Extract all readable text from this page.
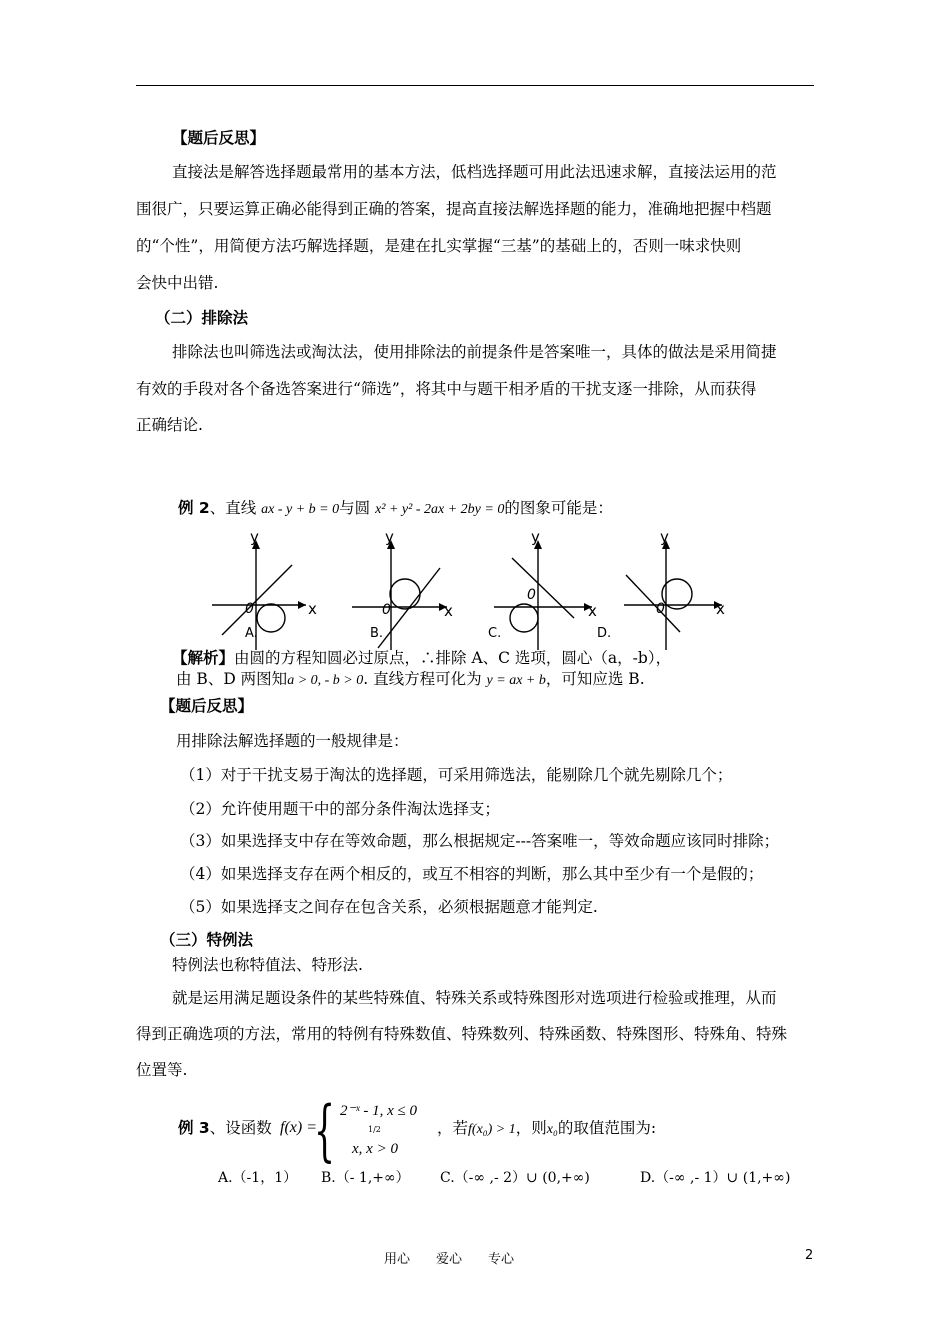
【题后反思】
直接法是解答选择题最常用的基本方法，低档选择题可用此法迅速求解，直接法运用的范
围很广，只要运算正确必能得到正确的答案，提高直接法解选择题的能力，准确地把握中档题
的“个性”，用简便方法巧解选择题，是建在扎实掌握“三基”的基础上的，否则一味求快则
会快中出错.
（二）排除法
排除法也叫筛选法或淘汰法，使用排除法的前提条件是答案唯一，具体的做法是采用简捷
有效的手段对各个备选答案进行“筛选”，将其中与题干相矛盾的干扰支逐一排除，从而获得
正确结论.
例 2、直线 ax - y + b = 0与圆 x² + y² - 2ax + 2by = 0的图象可能是：
y
x
0
A.
y
x
0
B.
y
x
0
C.
y
x
0
D.
【解析】由圆的方程知圆必过原点，∴排除 A、C 选项，圆心（a，-b），
由 B、D 两图知a > 0, - b > 0. 直线方程可化为 y = ax + b，可知应选 B.
【题后反思】
用排除法解选择题的一般规律是：
（1）对于干扰支易于淘汰的选择题，可采用筛选法，能剔除几个就先剔除几个；
（2）允许使用题干中的部分条件淘汰选择支；
（3）如果选择支中存在等效命题，那么根据规定---答案唯一，等效命题应该同时排除；
（4）如果选择支存在两个相反的，或互不相容的判断，那么其中至少有一个是假的；
（5）如果选择支之间存在包含关系，必须根据题意才能判定.
（三）特例法
特例法也称特值法、特形法.
就是运用满足题设条件的某些特殊值、特殊关系或特殊图形对选项进行检验或推理，从而
得到正确选项的方法，常用的特例有特殊数值、特殊数列、特殊函数、特殊图形、特殊角、特殊
位置等.
例 3、设函数 f(x) =
{ 2⁻ˣ - 1, x ≤ 0
1/2
x, x > 0
，若f(x₀) > 1，则x₀的取值范围为:
A.（-1，1） B.（- 1,+∞） C.（-∞ ,- 2）∪ (0,+∞)	D.（-∞ ,- 1）∪ (1,+∞)
用心　　爱心　　专心	2
